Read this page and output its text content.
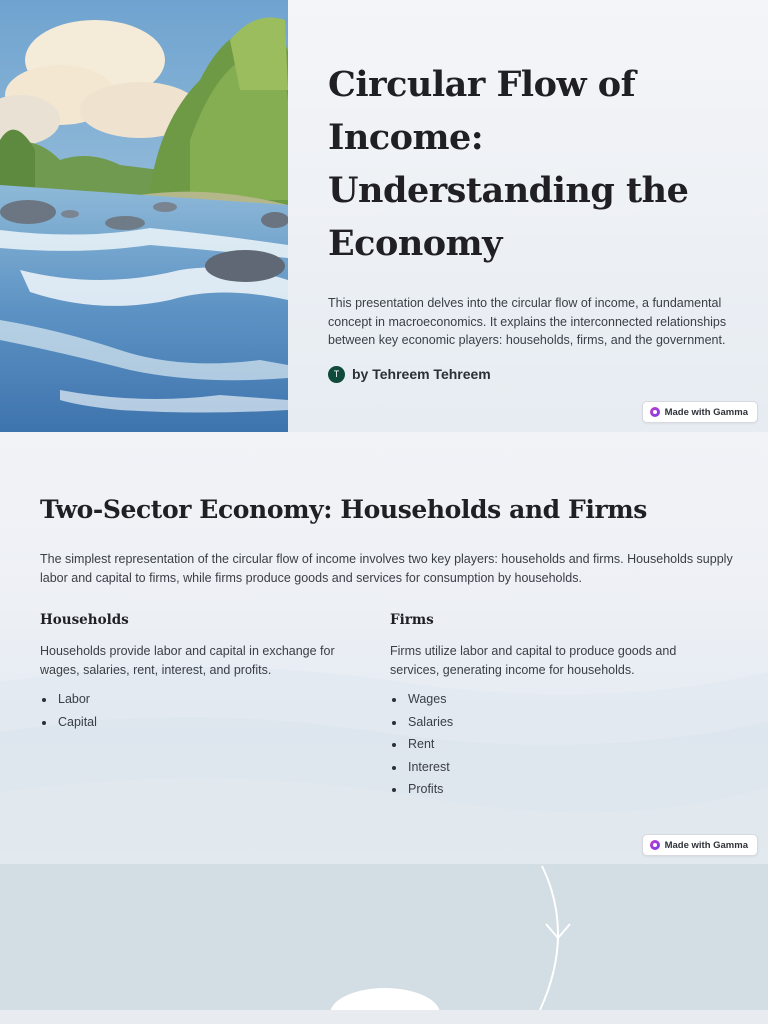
Circular Flow of Income: Understanding the Economy

This presentation delves into the circular flow of income, a fundamental concept in macroeconomics. It explains the interconnected relationships between key economic players: households, firms, and the government.

T by Tehreem Tehreem
Made with Gamma
Two-Sector Economy: Households and Firms

The simplest representation of the circular flow of income involves two key players: households and firms. Households supply labor and capital to firms, while firms produce goods and services for consumption by households.

Households

Households provide labor and capital in exchange for wages, salaries, rent, interest, and profits.

Labor
Capital
Firms

Firms utilize labor and capital to produce goods and services, generating income for households.

Wages
Salaries
Rent
Interest
Profits
Made with Gamma
